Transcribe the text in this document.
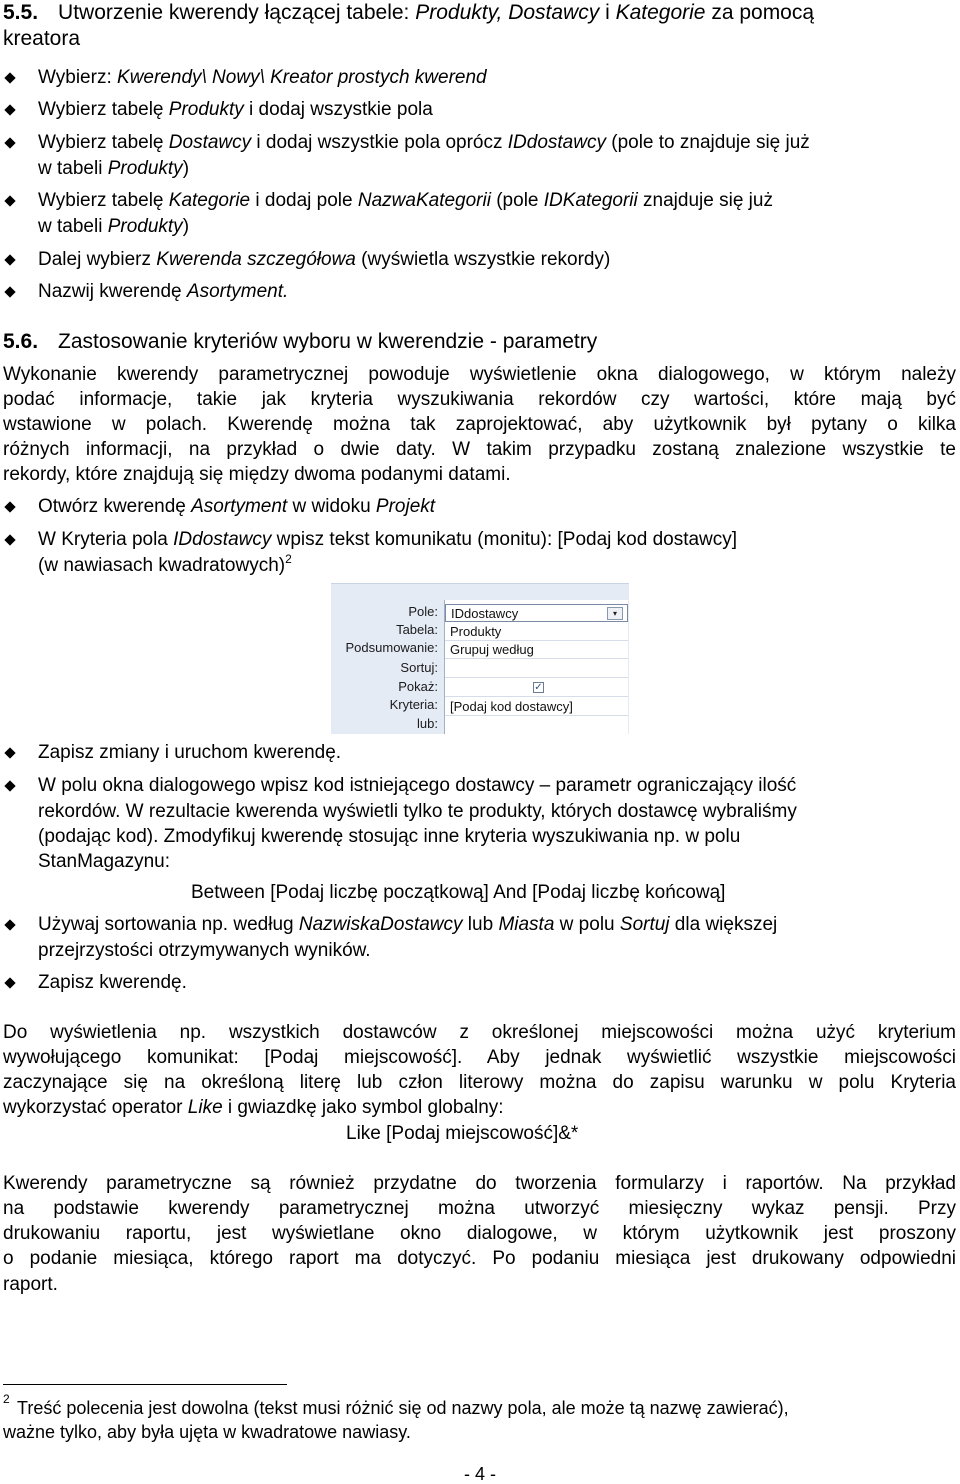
5.5. Utworzenie kwerendy łączącej tabele: Produkty, Dostawcy i Kategorie za pomocą
kreatora
Wybierz: Kwerendy\ Nowy\ Kreator prostych kwerend
Wybierz tabelę Produkty i dodaj wszystkie pola
Wybierz tabelę Dostawcy i dodaj wszystkie pola oprócz IDdostawcy (pole to znajduje się już
w tabeli Produkty)
Wybierz tabelę Kategorie i dodaj pole NazwaKategorii (pole IDKategorii znajduje się już
w tabeli Produkty)
Dalej wybierz Kwerenda szczegółowa (wyświetla wszystkie rekordy)
Nazwij kwerendę Asortyment.
5.6. Zastosowanie kryteriów wyboru w kwerendzie - parametry
Wykonanie kwerendy parametrycznej powoduje wyświetlenie okna dialogowego, w którym należy
podać informacje, takie jak kryteria wyszukiwania rekordów czy wartości, które mają być
wstawione w polach. Kwerendę można tak zaprojektować, aby użytkownik był pytany o kilka
różnych informacji, na przykład o dwie daty. W takim przypadku zostaną znalezione wszystkie te
rekordy, które znajdują się między dwoma podanymi datami.
Otwórz kwerendę Asortyment w widoku Projekt
W Kryteria pola IDdostawcy wpisz tekst komunikatu (monitu): [Podaj kod dostawcy]
(w nawiasach kwadratowych)$^2$
Pole:
Tabela:
Podsumowanie:
Sortuj:
Pokaż:
Kryteria:
lub:
IDdostawcy	▾
Produkty
Grupuj według
✓
[Podaj kod dostawcy]
Zapisz zmiany i uruchom kwerendę.
W polu okna dialogowego wpisz kod istniejącego dostawcy – parametr ograniczający ilość
rekordów. W rezultacie kwerenda wyświetli tylko te produkty, których dostawcę wybraliśmy
(podając kod). Zmodyfikuj kwerendę stosując inne kryteria wyszukiwania np. w polu
StanMagazynu:
Between [Podaj liczbę początkową] And [Podaj liczbę końcową]
Używaj sortowania np. według NazwiskaDostawcy lub Miasta w polu Sortuj dla większej
przejrzystości otrzymywanych wyników.
Zapisz kwerendę.
Do wyświetlenia np. wszystkich dostawców z określonej miejscowości można użyć kryterium
wywołującego komunikat: [Podaj miejscowość]. Aby jednak wyświetlić wszystkie miejscowości
zaczynające się na określoną literę lub człon literowy można do zapisu warunku w polu Kryteria
wykorzystać operator Like i gwiazdkę jako symbol globalny:
Like [Podaj miejscowość]&*
Kwerendy parametryczne są również przydatne do tworzenia formularzy i raportów. Na przykład
na podstawie kwerendy parametrycznej można utworzyć miesięczny wykaz pensji. Przy
drukowaniu raportu, jest wyświetlane okno dialogowe, w którym użytkownik jest proszony
o podanie miesiąca, którego raport ma dotyczyć. Po podaniu miesiąca jest drukowany odpowiedni
raport.
2 Treść polecenia jest dowolna (tekst musi różnić się od nazwy pola, ale może tą nazwę zawierać),
ważne tylko, aby była ujęta w kwadratowe nawiasy.
- 4 -
